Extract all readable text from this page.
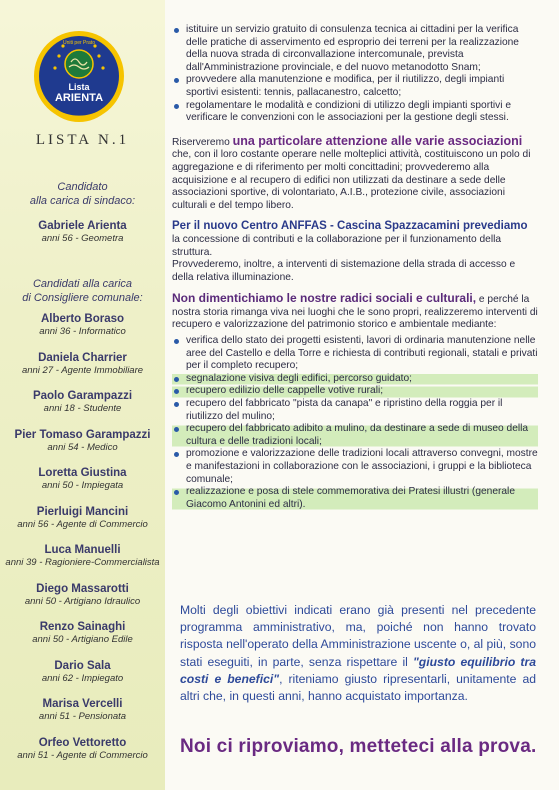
Uniti per Prato
Lista
ARIENTA
LISTA N.1
Candidato
alla carica di sindaco:
Gabriele Arienta
anni 56 - Geometra
Candidati alla carica
di Consigliere comunale:
Alberto Boraso
anni 36 - Informatico
Daniela Charrier
anni 27 - Agente Immobiliare
Paolo Garampazzi
anni 18 - Studente
Pier Tomaso Garampazzi
anni 54 - Medico
Loretta Giustina
anni 50 - Impiegata
Pierluigi Mancini
anni 56 - Agente di Commercio
Luca Manuelli
anni 39 - Ragioniere-Commercialista
Diego Massarotti
anni 50 - Artigiano Idraulico
Renzo Sainaghi
anni 50 - Artigiano Edile
Dario Sala
anni 62 - Impiegato
Marisa Vercelli
anni 51 - Pensionata
Orfeo Vettoretto
anni 51 - Agente di Commercio
istituire un servizio gratuito di consulenza tecnica ai cittadini per la verifica delle pratiche di asservimento ed esproprio dei terreni per la realizzazione della nuova strada di circonvallazione intercomunale, prevista dall'Amministrazione provinciale, e del nuovo metanodotto Snam;
provvedere alla manutenzione e modifica, per il riutilizzo, degli impianti sportivi esistenti: tennis, pallacanestro, calcetto;
regolamentare le modalità e condizioni di utilizzo degli impianti sportivi e verificare le convenzioni con le associazioni per la gestione degli stessi.

Riserveremo una particolare attenzione alle varie associazioni che, con il loro costante operare nelle molteplici attività, costituiscono un polo di aggregazione e di riferimento per molti concittadini; provvederemo alla acquisizione e al recupero di edifici non utilizzati da destinare a sede delle associazioni sportive, di volontariato, A.I.B., protezione civile, associazioni culturali e del tempo libero.

Per il nuovo Centro ANFFAS - Cascina Spazzacamini prevediamo la concessione di contributi e la collaborazione per il funzionamento della struttura.
Provvederemo, inoltre, a interventi di sistemazione della strada di accesso e della relativa illuminazione.

Non dimentichiamo le nostre radici sociali e culturali, e perché la nostra storia rimanga viva nei luoghi che le sono propri, realizzeremo interventi di recupero e valorizzazione del patrimonio storico e ambientale mediante:

verifica dello stato dei progetti esistenti, lavori di ordinaria manutenzione nelle aree del Castello e della Torre e richiesta di contributi regionali, statali e privati per il completo recupero;
segnalazione visiva degli edifici, percorso guidato;
recupero edilizio delle cappelle votive rurali;
recupero del fabbricato "pista da canapa" e ripristino della roggia per il riutilizzo del mulino;
recupero del fabbricato adibito a mulino, da destinare a sede di museo della cultura e delle tradizioni locali;
promozione e valorizzazione delle tradizioni locali attraverso convegni, mostre e manifestazioni in collaborazione con le associazioni, i gruppi e la biblioteca comunale;
realizzazione e posa di stele commemorativa dei Pratesi illustri (generale Giacomo Antonini ed altri).
Molti degli obiettivi indicati erano già presenti nel precedente programma amministrativo, ma, poiché non hanno trovato risposta nell'operato della Amministrazione uscente o, al più, sono stati eseguiti, in parte, senza rispettare il "giusto equilibrio tra costi e benefici", riteniamo giusto ripresentarli, unitamente ad altri che, in questi anni, hanno acquistato importanza.
Noi ci riproviamo, metteteci alla prova.
